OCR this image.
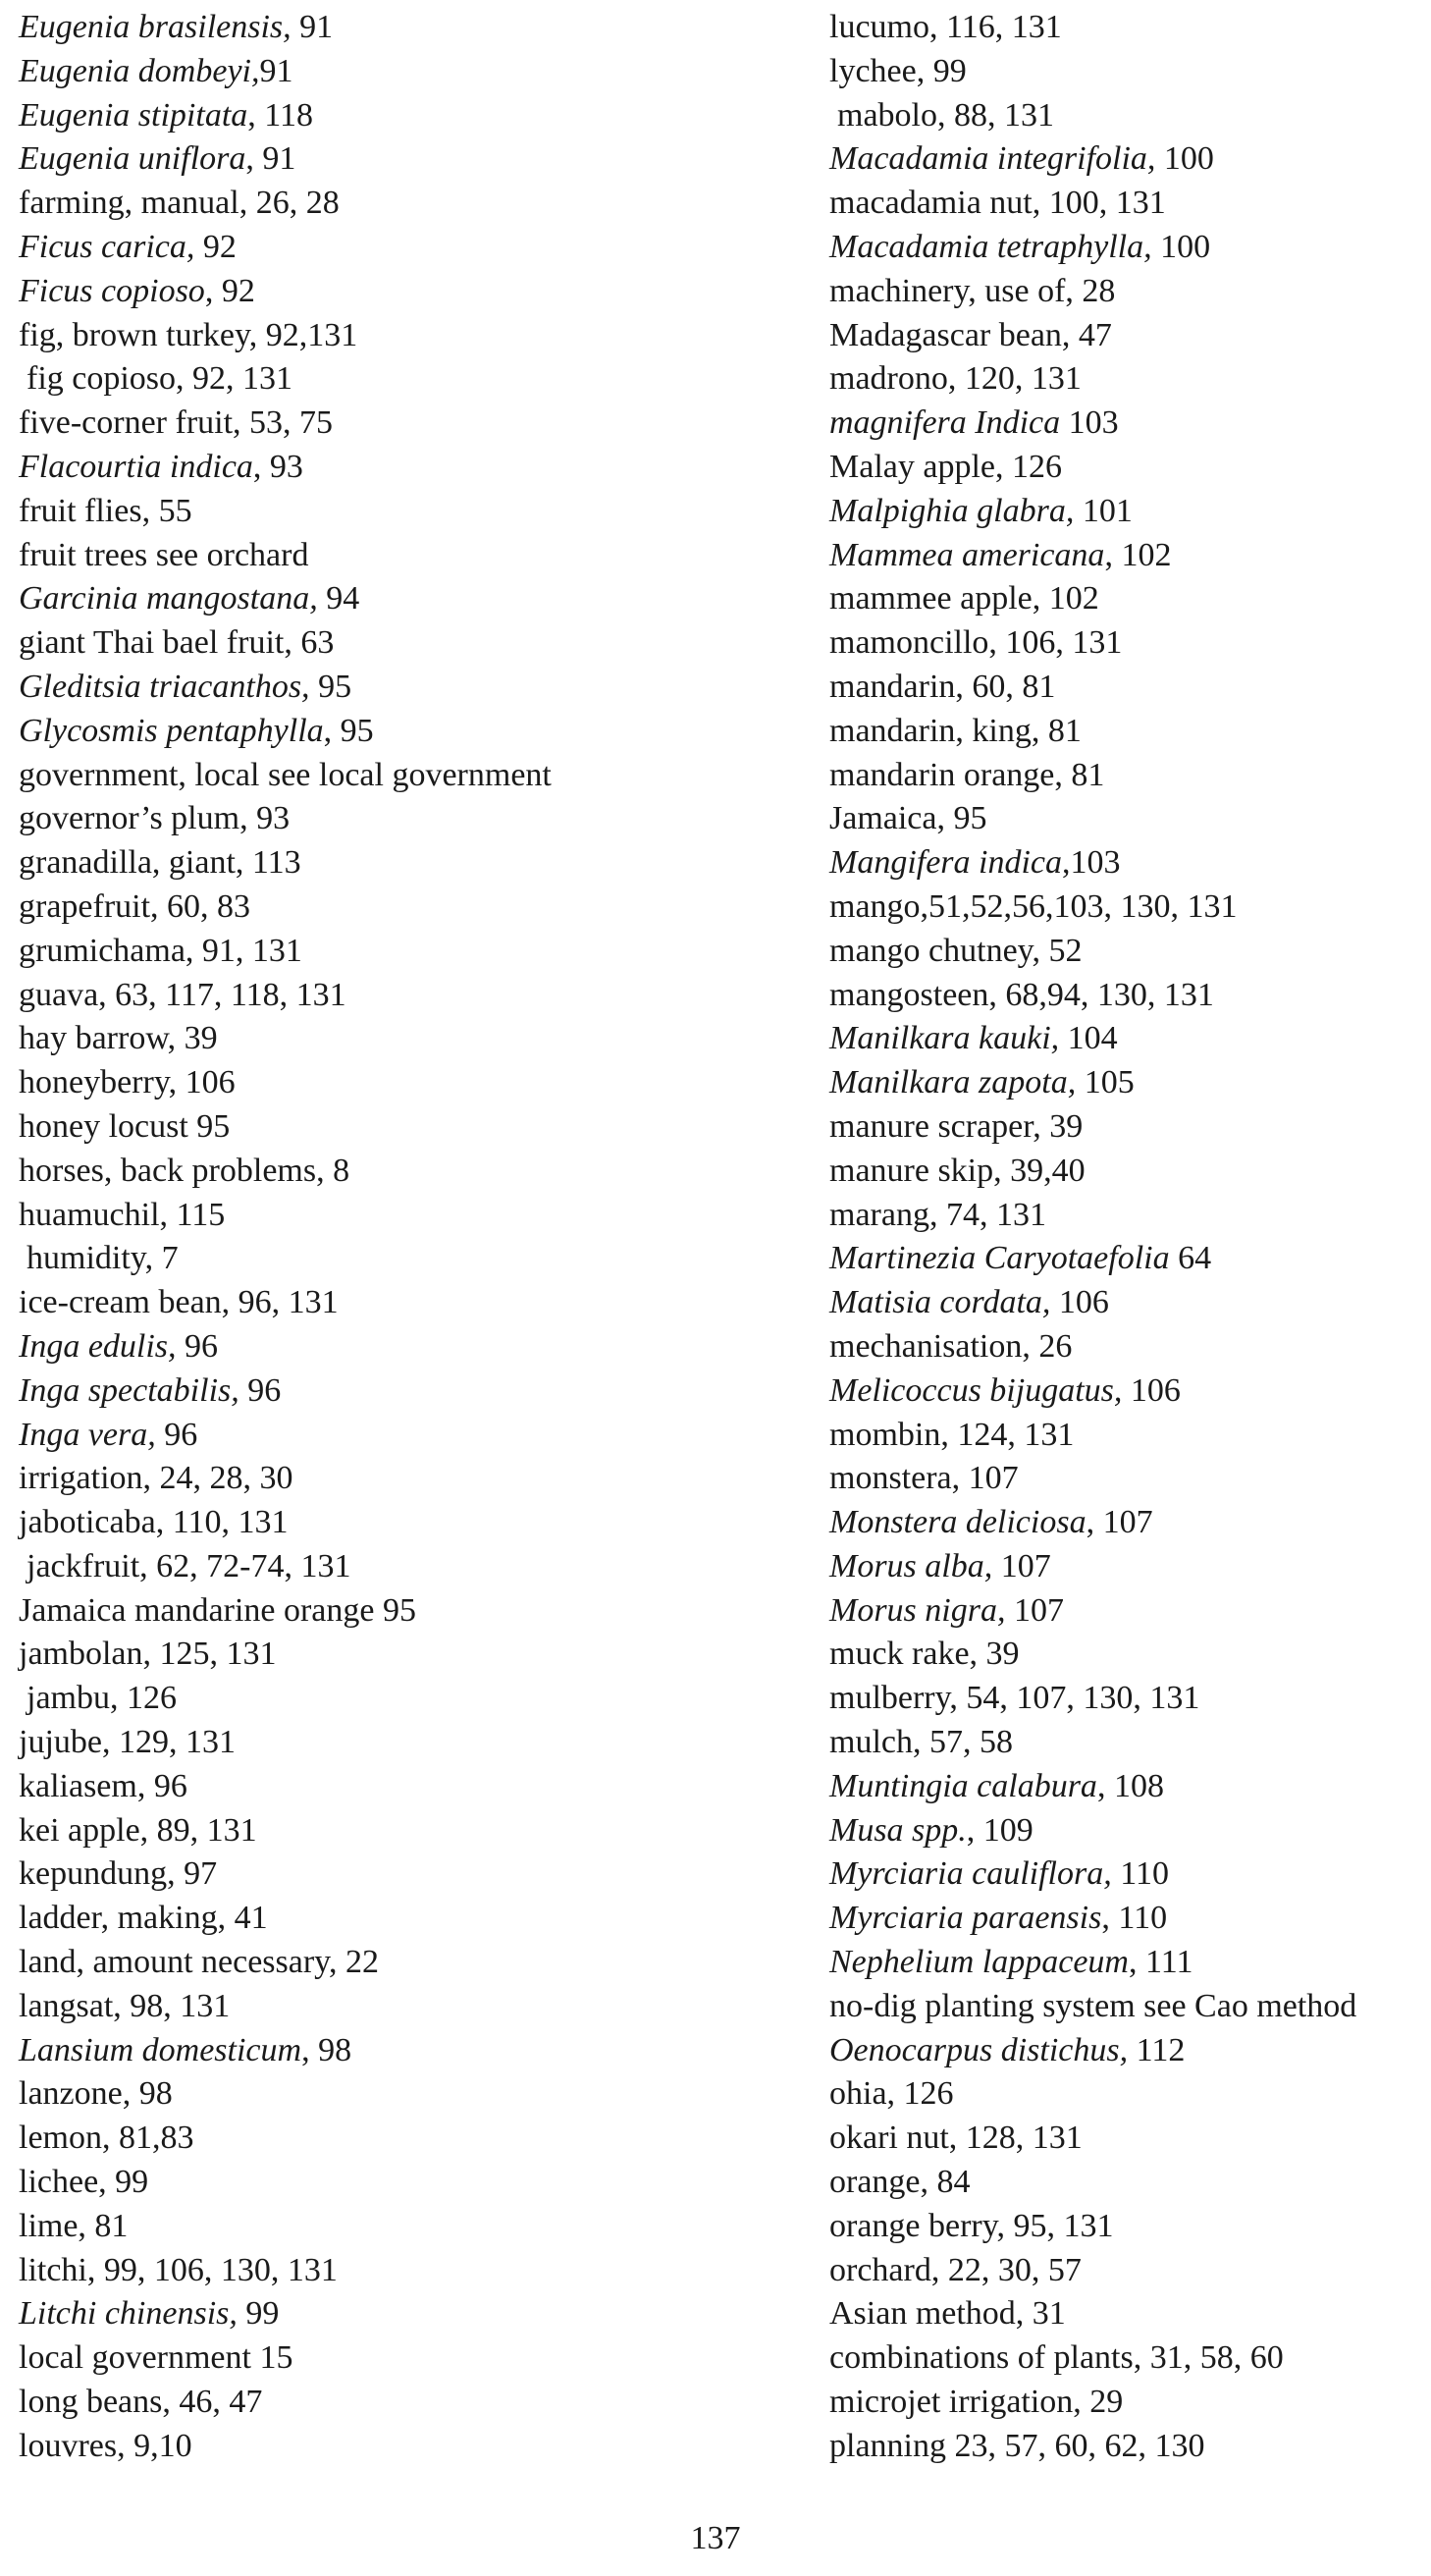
Eugenia brasilensis, 91
Eugenia dombeyi,91
Eugenia stipitata, 118
Eugenia uniflora, 91
farming, manual, 26, 28
Ficus carica, 92
Ficus copioso, 92
fig, brown turkey, 92,131
fig copioso, 92, 131
five-corner fruit, 53, 75
Flacourtia indica, 93
fruit flies, 55
fruit trees see orchard
Garcinia mangostana, 94
giant Thai bael fruit, 63
Gleditsia triacanthos, 95
Glycosmis pentaphylla, 95
government, local see local government
governor’s plum, 93
granadilla, giant, 113
grapefruit, 60, 83
grumichama, 91, 131
guava, 63, 117, 118, 131
hay barrow, 39
honeyberry, 106
honey locust 95
horses, back problems, 8
huamuchil, 115
humidity, 7
ice-cream bean, 96, 131
Inga edulis, 96
Inga spectabilis, 96
Inga vera, 96
irrigation, 24, 28, 30
jaboticaba, 110, 131
jackfruit, 62, 72-74, 131
Jamaica mandarine orange 95
jambolan, 125, 131
jambu, 126
jujube, 129, 131
kaliasem, 96
kei apple, 89, 131
kepundung, 97
ladder, making, 41
land, amount necessary, 22
langsat, 98, 131
Lansium domesticum, 98
lanzone, 98
lemon, 81,83
lichee, 99
lime, 81
litchi, 99, 106, 130, 131
Litchi chinensis, 99
local government 15
long beans, 46, 47
louvres, 9,10
lucumo, 116, 131
lychee, 99
mabolo, 88, 131
Macadamia integrifolia, 100
macadamia nut, 100, 131
Macadamia tetraphylla, 100
machinery, use of, 28
Madagascar bean, 47
madrono, 120, 131
magnifera Indica 103
Malay apple, 126
Malpighia glabra, 101
Mammea americana, 102
mammee apple, 102
mamoncillo, 106, 131
mandarin, 60, 81
mandarin, king, 81
mandarin orange, 81
Jamaica, 95
Mangifera indica,103
mango,51,52,56,103, 130, 131
mango chutney, 52
mangosteen, 68,94, 130, 131
Manilkara kauki, 104
Manilkara zapota, 105
manure scraper, 39
manure skip, 39,40
marang, 74, 131
Martinezia Caryotaefolia 64
Matisia cordata, 106
mechanisation, 26
Melicoccus bijugatus, 106
mombin, 124, 131
monstera, 107
Monstera deliciosa, 107
Morus alba, 107
Morus nigra, 107
muck rake, 39
mulberry, 54, 107, 130, 131
mulch, 57, 58
Muntingia calabura, 108
Musa spp., 109
Myrciaria cauliflora, 110
Myrciaria paraensis, 110
Nephelium lappaceum, 111
no-dig planting system see Cao method
Oenocarpus distichus, 112
ohia, 126
okari nut, 128, 131
orange, 84
orange berry, 95, 131
orchard, 22, 30, 57
Asian method, 31
combinations of plants, 31, 58, 60
microjet irrigation, 29
planning 23, 57, 60, 62, 130
137
